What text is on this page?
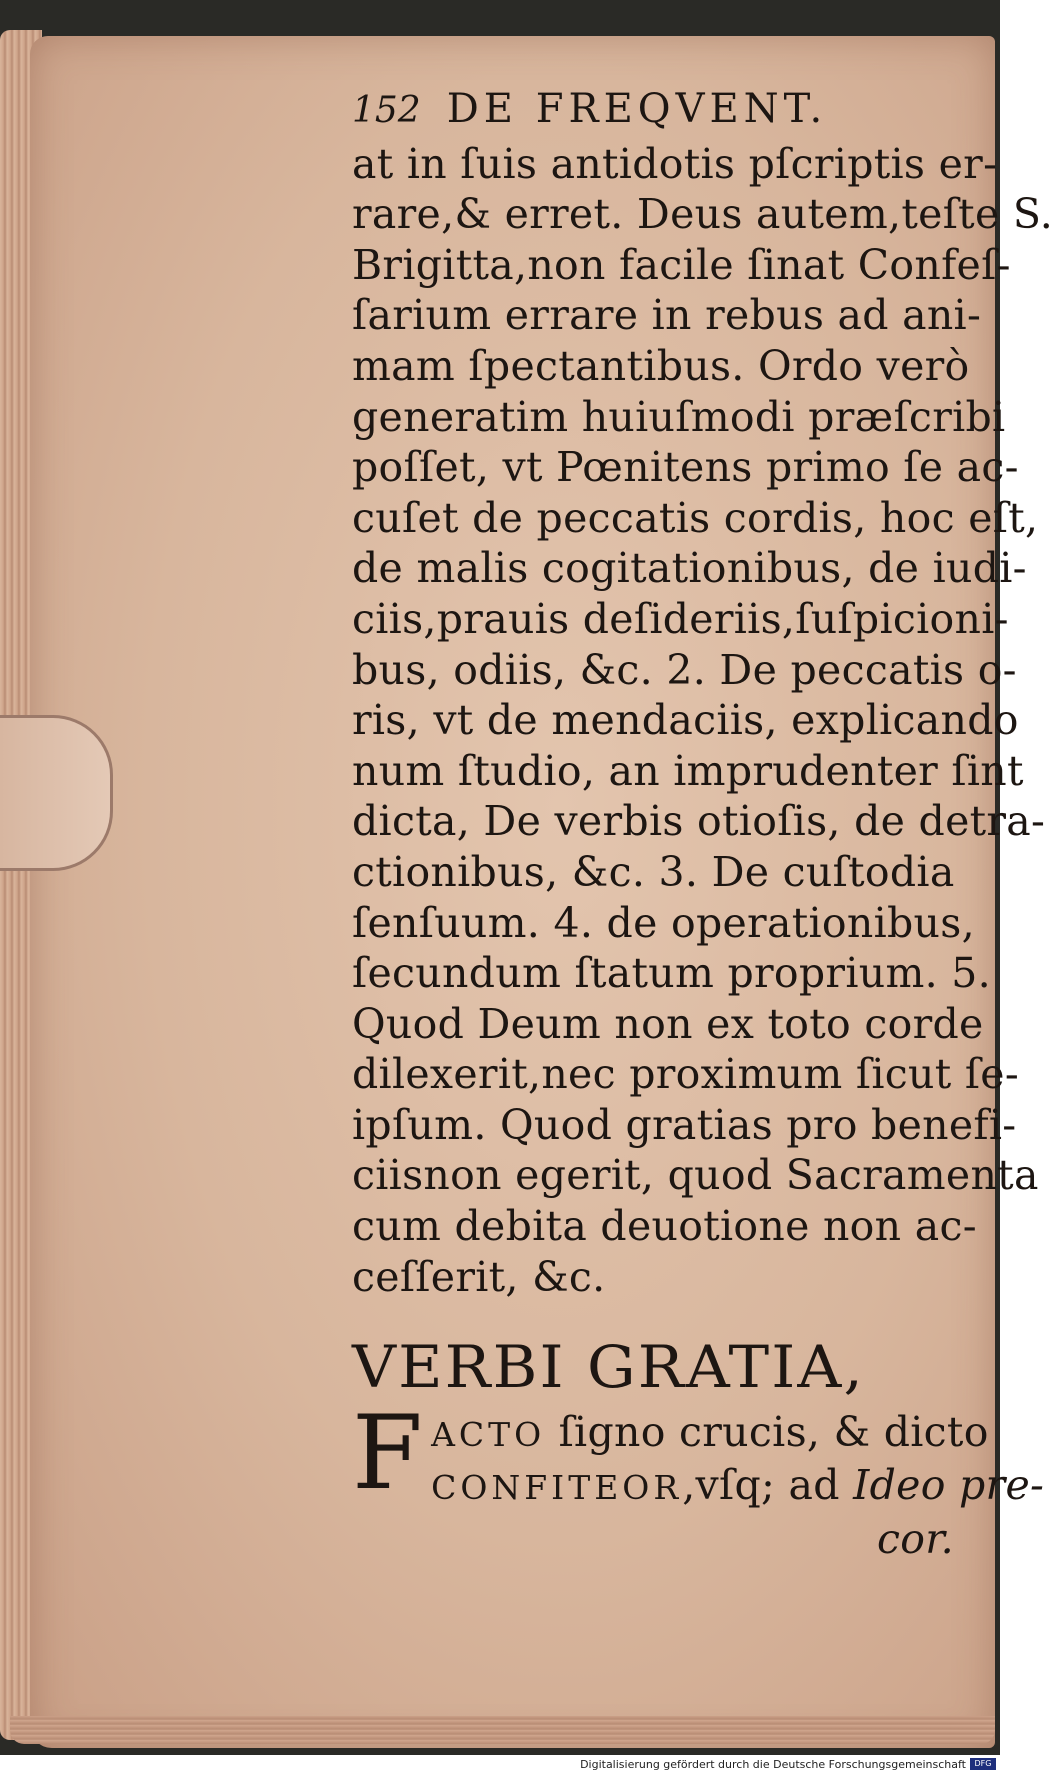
152 DE FREQVENT.
at in ſuis antidotis pſcriptis er-
rare,& erret. Deus autem,teſte S.
Brigitta,non facile ſinat Confeſ-
ſarium errare in rebus ad ani-
mam ſpectantibus. Ordo verò
generatim huiuſmodi præſcribi
poſſet, vt Pœnitens primo ſe ac-
cuſet de peccatis cordis, hoc eſt,
de malis cogitationibus, de iudi-
ciis,prauis deſideriis,ſuſpicioni-
bus, odiis, &c. 2. De peccatis o-
ris, vt de mendaciis, explicando
num ſtudio, an imprudenter ſint
dicta, De verbis otioſis, de detra-
ctionibus, &c. 3. De cuſtodia
ſenſuum. 4. de operationibus,
ſecundum ſtatum proprium. 5.
Quod Deum non ex toto corde
dilexerit,nec proximum ſicut ſe-
ipſum. Quod gratias pro benefi-
ciisnon egerit, quod Sacramenta
cum debita deuotione non ac-
ceſſerit, &c.
VERBI GRATIA,
F ACTO ſigno crucis, & dicto
CONFITEOR,vſq; ad Ideo pre-
cor.
Digitalisierung gefördert durch die Deutsche Forschungsgemeinschaft	DFG
